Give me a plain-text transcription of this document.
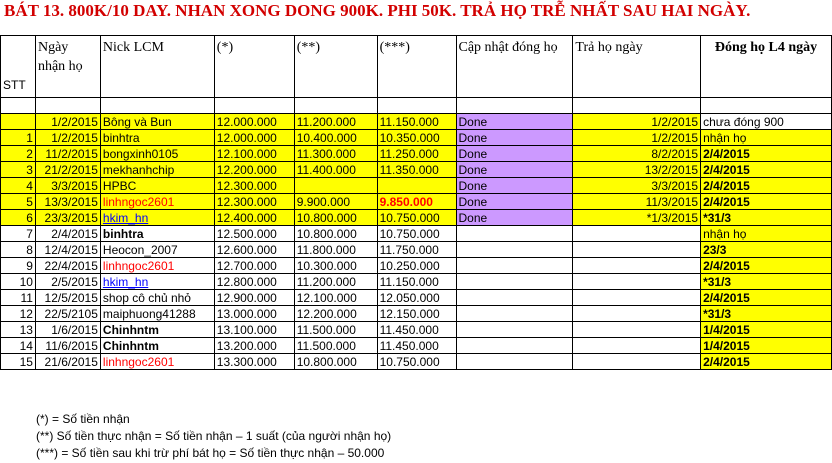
BÁT 13. 800K/10 DAY. NHAN XONG DONG 900K. PHI 50K. TRẢ HỌ TRỄ NHẤT SAU HAI NGÀY.
STT	Ngày nhận họ	Nick LCM	(*)	(**)	(***)	Cập nhật đóng họ	Trả họ ngày	Đóng họ L4 ngày

	1/2/2015	Bông và Bun	12.000.000	11.200.000	11.150.000	Done	1/2/2015	chưa đóng 900
1	1/2/2015	binhtra	12.000.000	10.400.000	10.350.000	Done	1/2/2015	nhận họ
2	11/2/2015	bongxinh0105	12.100.000	11.300.000	11.250.000	Done	8/2/2015	2/4/2015
3	21/2/2015	mekhanhchip	12.200.000	11.400.000	11.350.000	Done	13/2/2015	2/4/2015
4	3/3/2015	HPBC	12.300.000			Done	3/3/2015	2/4/2015
5	13/3/2015	linhngoc2601	12.300.000	9.900.000	9.850.000	Done	11/3/2015	2/4/2015
6	23/3/2015	hkim_hn	12.400.000	10.800.000	10.750.000	Done	*1/3/2015	*31/3
7	2/4/2015	binhtra	12.500.000	10.800.000	10.750.000			nhận họ
8	12/4/2015	Heocon_2007	12.600.000	11.800.000	11.750.000			23/3
9	22/4/2015	linhngoc2601	12.700.000	10.300.000	10.250.000			2/4/2015
10	2/5/2015	hkim_hn	12.800.000	11.200.000	11.150.000			*31/3
11	12/5/2015	shop cô chủ nhỏ	12.900.000	12.100.000	12.050.000			2/4/2015
12	22/5/2105	maiphuong41288	13.000.000	12.200.000	12.150.000			*31/3
13	1/6/2015	Chinhntm	13.100.000	11.500.000	11.450.000			1/4/2015
14	11/6/2015	Chinhntm	13.200.000	11.500.000	11.450.000			1/4/2015
15	21/6/2015	linhngoc2601	13.300.000	10.800.000	10.750.000			2/4/2015
(*) = Số tiền nhận
(**) Số tiền thực nhận = Số tiền nhận – 1 suất (của người nhận họ)
(***) = Số tiền sau khi trừ phí bát họ = Số tiền thực nhận – 50.000
